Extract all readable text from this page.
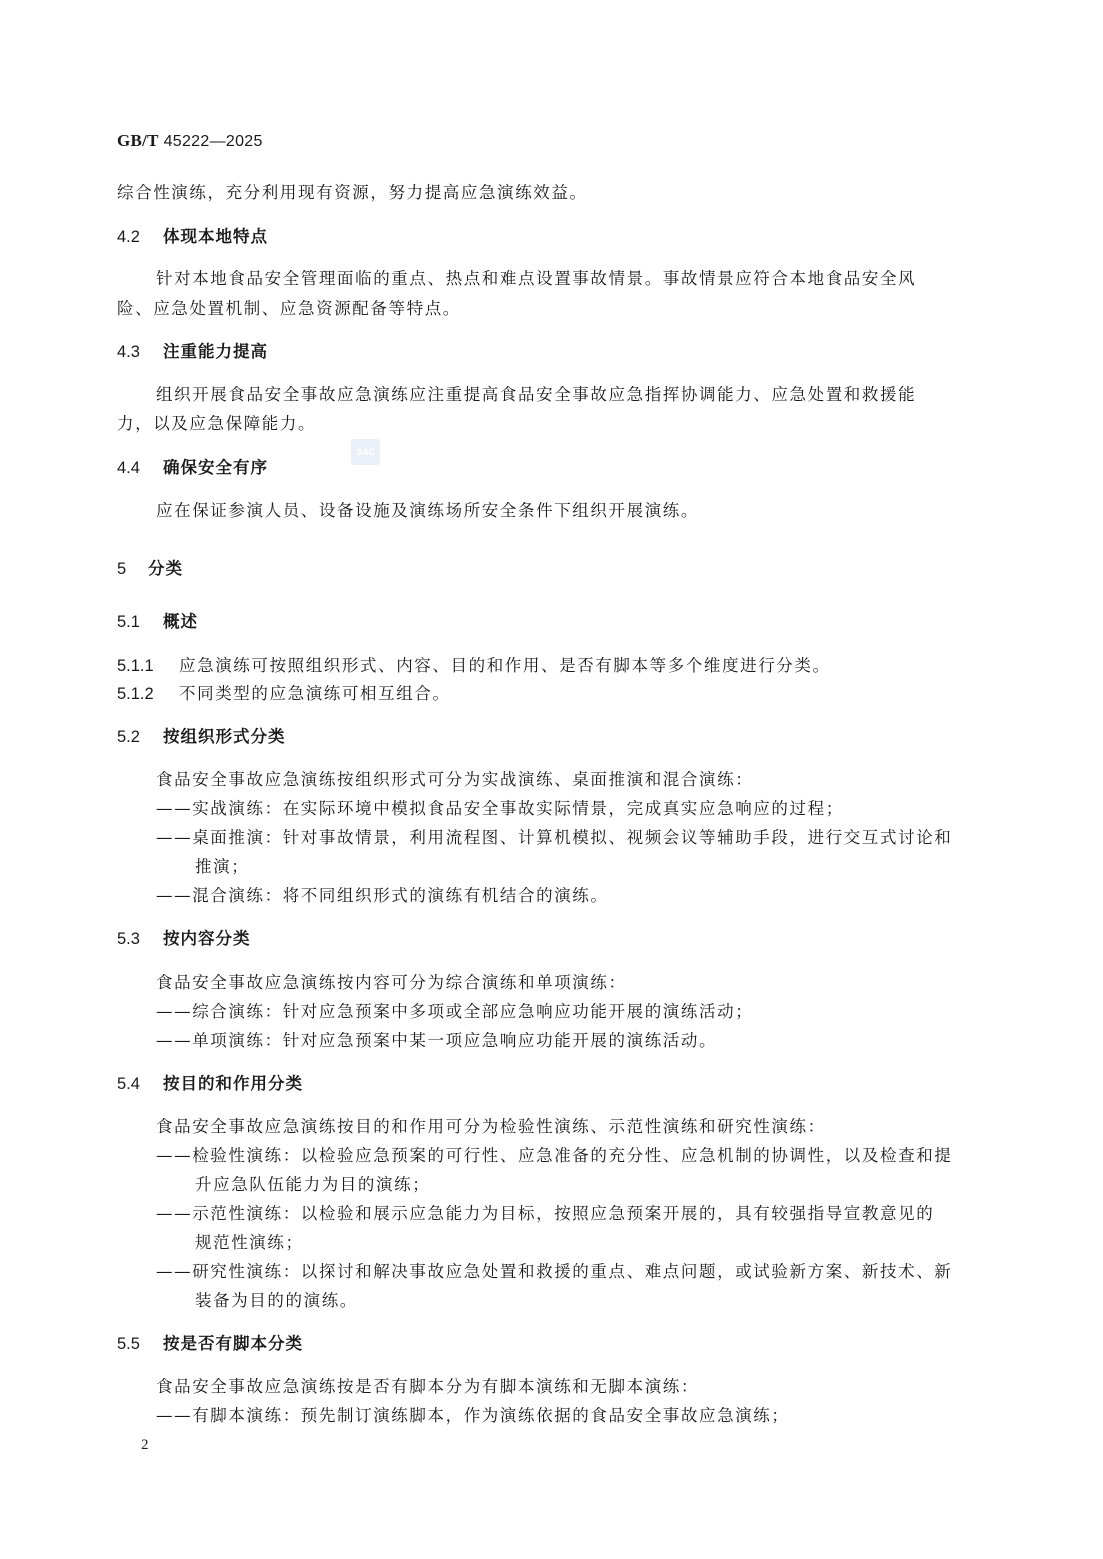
GB/T 45222—2025
综合性演练，充分利用现有资源，努力提高应急演练效益。
4.2 体现本地特点
针对本地食品安全管理面临的重点、热点和难点设置事故情景。事故情景应符合本地食品安全风
险、应急处置机制、应急资源配备等特点。
4.3 注重能力提高
组织开展食品安全事故应急演练应注重提高食品安全事故应急指挥协调能力、应急处置和救援能
力，以及应急保障能力。
SAC
4.4 确保安全有序
应在保证参演人员、设备设施及演练场所安全条件下组织开展演练。
5 分类
5.1 概述
5.1.1 应急演练可按照组织形式、内容、目的和作用、是否有脚本等多个维度进行分类。
5.1.2 不同类型的应急演练可相互组合。
5.2 按组织形式分类
食品安全事故应急演练按组织形式可分为实战演练、桌面推演和混合演练：
——实战演练：在实际环境中模拟食品安全事故实际情景，完成真实应急响应的过程；
——桌面推演：针对事故情景，利用流程图、计算机模拟、视频会议等辅助手段，进行交互式讨论和
推演；
——混合演练：将不同组织形式的演练有机结合的演练。
5.3 按内容分类
食品安全事故应急演练按内容可分为综合演练和单项演练：
——综合演练：针对应急预案中多项或全部应急响应功能开展的演练活动；
——单项演练：针对应急预案中某一项应急响应功能开展的演练活动。
5.4 按目的和作用分类
食品安全事故应急演练按目的和作用可分为检验性演练、示范性演练和研究性演练：
——检验性演练：以检验应急预案的可行性、应急准备的充分性、应急机制的协调性，以及检查和提
升应急队伍能力为目的演练；
——示范性演练：以检验和展示应急能力为目标，按照应急预案开展的，具有较强指导宣教意见的
规范性演练；
——研究性演练：以探讨和解决事故应急处置和救援的重点、难点问题，或试验新方案、新技术、新
装备为目的的演练。
5.5 按是否有脚本分类
食品安全事故应急演练按是否有脚本分为有脚本演练和无脚本演练：
——有脚本演练：预先制订演练脚本，作为演练依据的食品安全事故应急演练；
2
